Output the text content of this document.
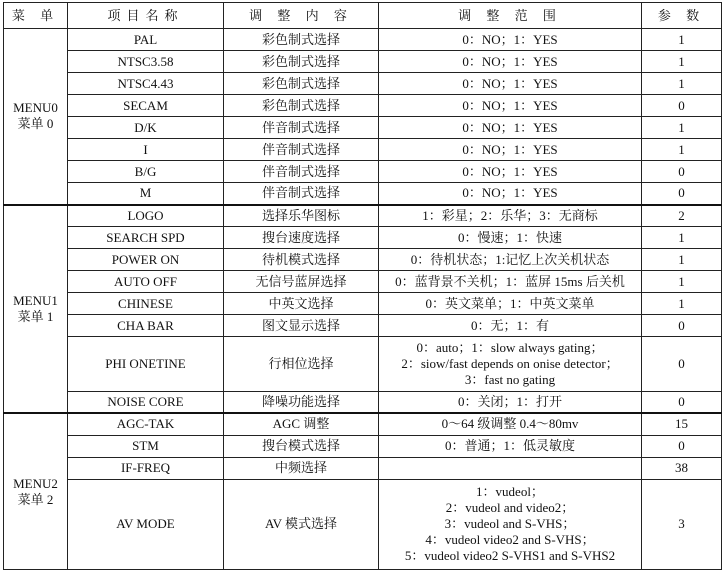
菜 单	项目名称	调 整 内 容	调 整 范 围	参 数

MENU0
菜单 0	PAL	彩色制式选择	0：NO；1：YES	1
	NTSC3.58	彩色制式选择	0：NO；1：YES	1
	NTSC4.43	彩色制式选择	0：NO；1：YES	1
	SECAM	彩色制式选择	0：NO；1：YES	0
	D/K	伴音制式选择	0：NO；1：YES	1
	I	伴音制式选择	0：NO；1：YES	1
	B/G	伴音制式选择	0：NO；1：YES	0
	M	伴音制式选择	0：NO；1：YES	0

MENU1
菜单 1	LOGO	选择乐华图标	1：彩星；2：乐华；3：无商标	2
	SEARCH SPD	搜台速度选择	0：慢速；1：快速	1
	POWER ON	待机模式选择	0：待机状态；1:记忆上次关机状态	1
	AUTO OFF	无信号蓝屏选择	0：蓝背景不关机；1：蓝屏 15ms 后关机	1
	CHINESE	中英文选择	0：英文菜单；1：中英文菜单	1
	CHA BAR	图文显示选择	0：无；1：有	0
	PHI ONETINE	行相位选择	0：auto；1：slow always gating；
2：siow/fast depends on onise detector；
3：fast no gating	0
	NOISE CORE	降噪功能选择	0：关闭；1：打开	0

MENU2
菜单 2	AGC-TAK	AGC 调整	0～64 级调整 0.4～80mv	15
	STM	搜台模式选择	0：普通；1：低灵敏度	0
	IF-FREQ	中频选择		38
	AV MODE	AV 模式选择	1：vudeol；
2：vudeol and video2；
3：vudeol and S-VHS；
4：vudeol video2 and S-VHS；
5：vudeol video2 S-VHS1 and S-VHS2	3
